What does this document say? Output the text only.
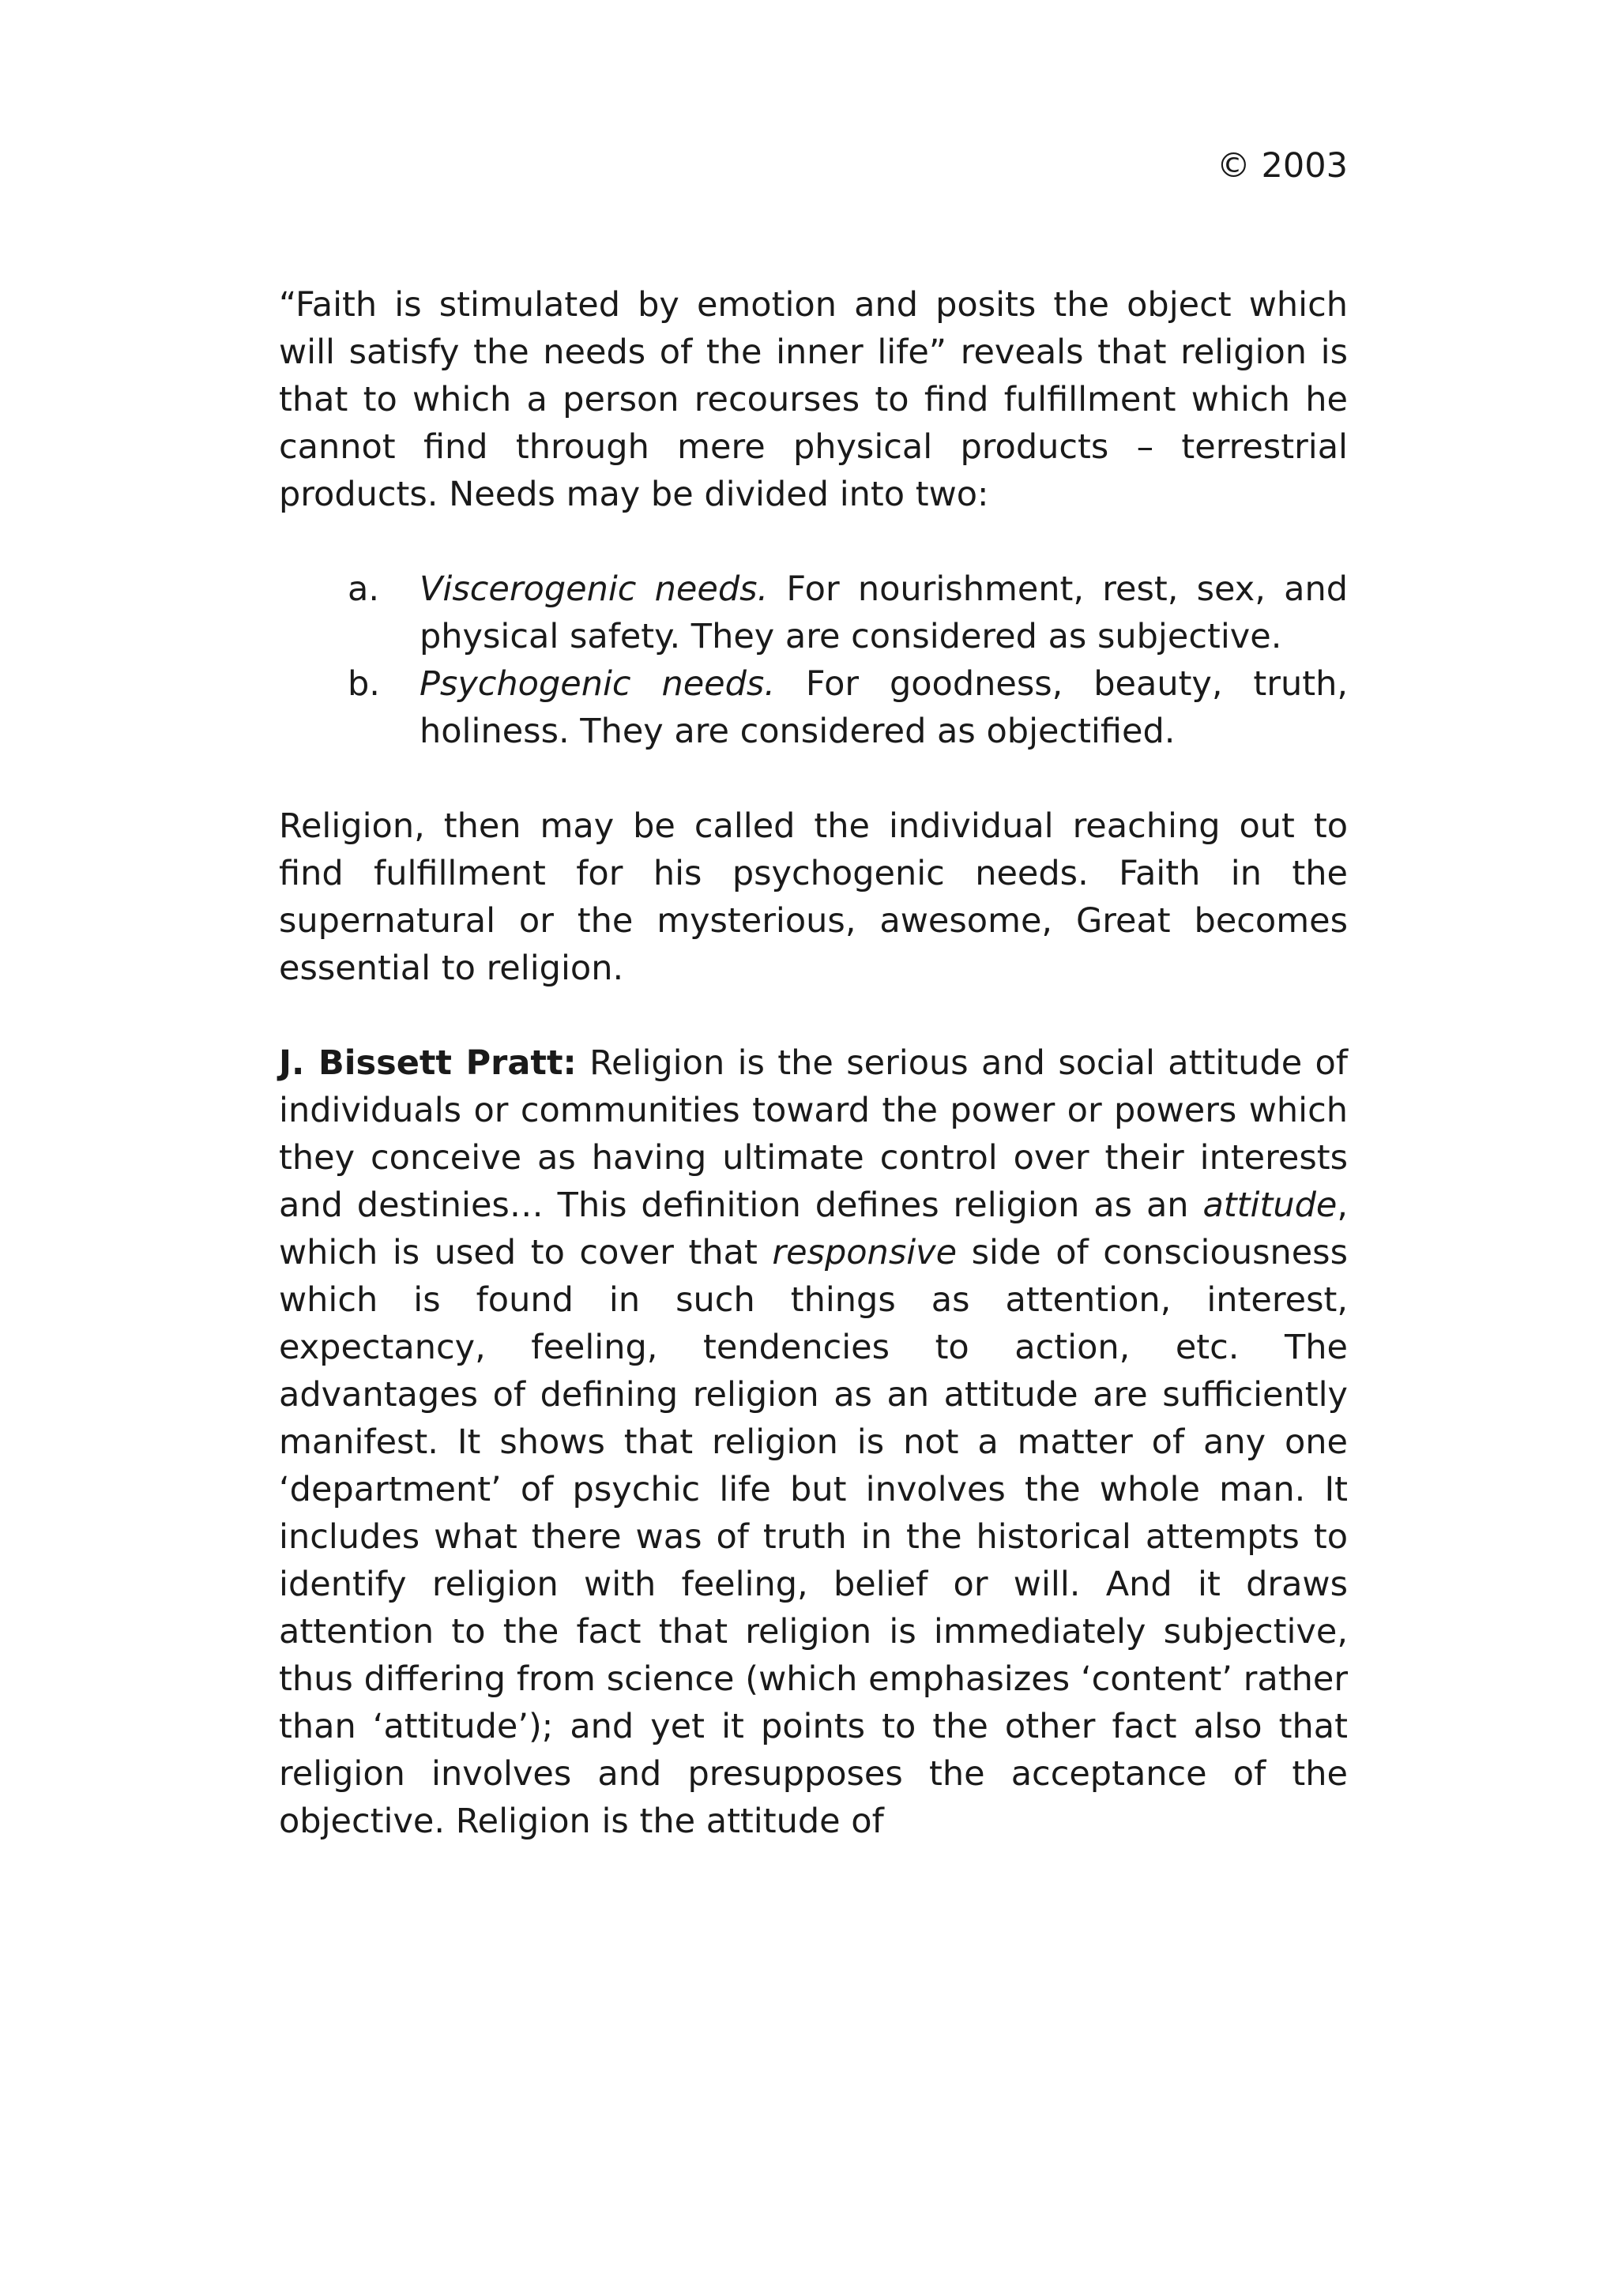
© 2003

“Faith is stimulated by emotion and posits the object which will satisfy the needs of the inner life” reveals that religion is that to which a person recourses to find fulfillment which he cannot find through mere physical products – terrestrial products. Needs may be divided into two:

a. Viscerogenic needs. For nourishment, rest, sex, and physical safety. They are considered as subjective.
b. Psychogenic needs. For goodness, beauty, truth, holiness. They are considered as objectified.

Religion, then may be called the individual reaching out to find fulfillment for his psychogenic needs. Faith in the supernatural or the mysterious, awesome, Great becomes essential to religion.

J. Bissett Pratt: Religion is the serious and social attitude of individuals or communities toward the power or powers which they conceive as having ultimate control over their interests and destinies… This definition defines religion as an attitude, which is used to cover that responsive side of consciousness which is found in such things as attention, interest, expectancy, feeling, tendencies to action, etc. The advantages of defining religion as an attitude are sufficiently manifest. It shows that religion is not a matter of any one ‘department’ of psychic life but involves the whole man. It includes what there was of truth in the historical attempts to identify religion with feeling, belief or will. And it draws attention to the fact that religion is immediately subjective, thus differing from science (which emphasizes ‘content’ rather than ‘attitude’); and yet it points to the other fact also that religion involves and presupposes the acceptance of the objective. Religion is the attitude of
